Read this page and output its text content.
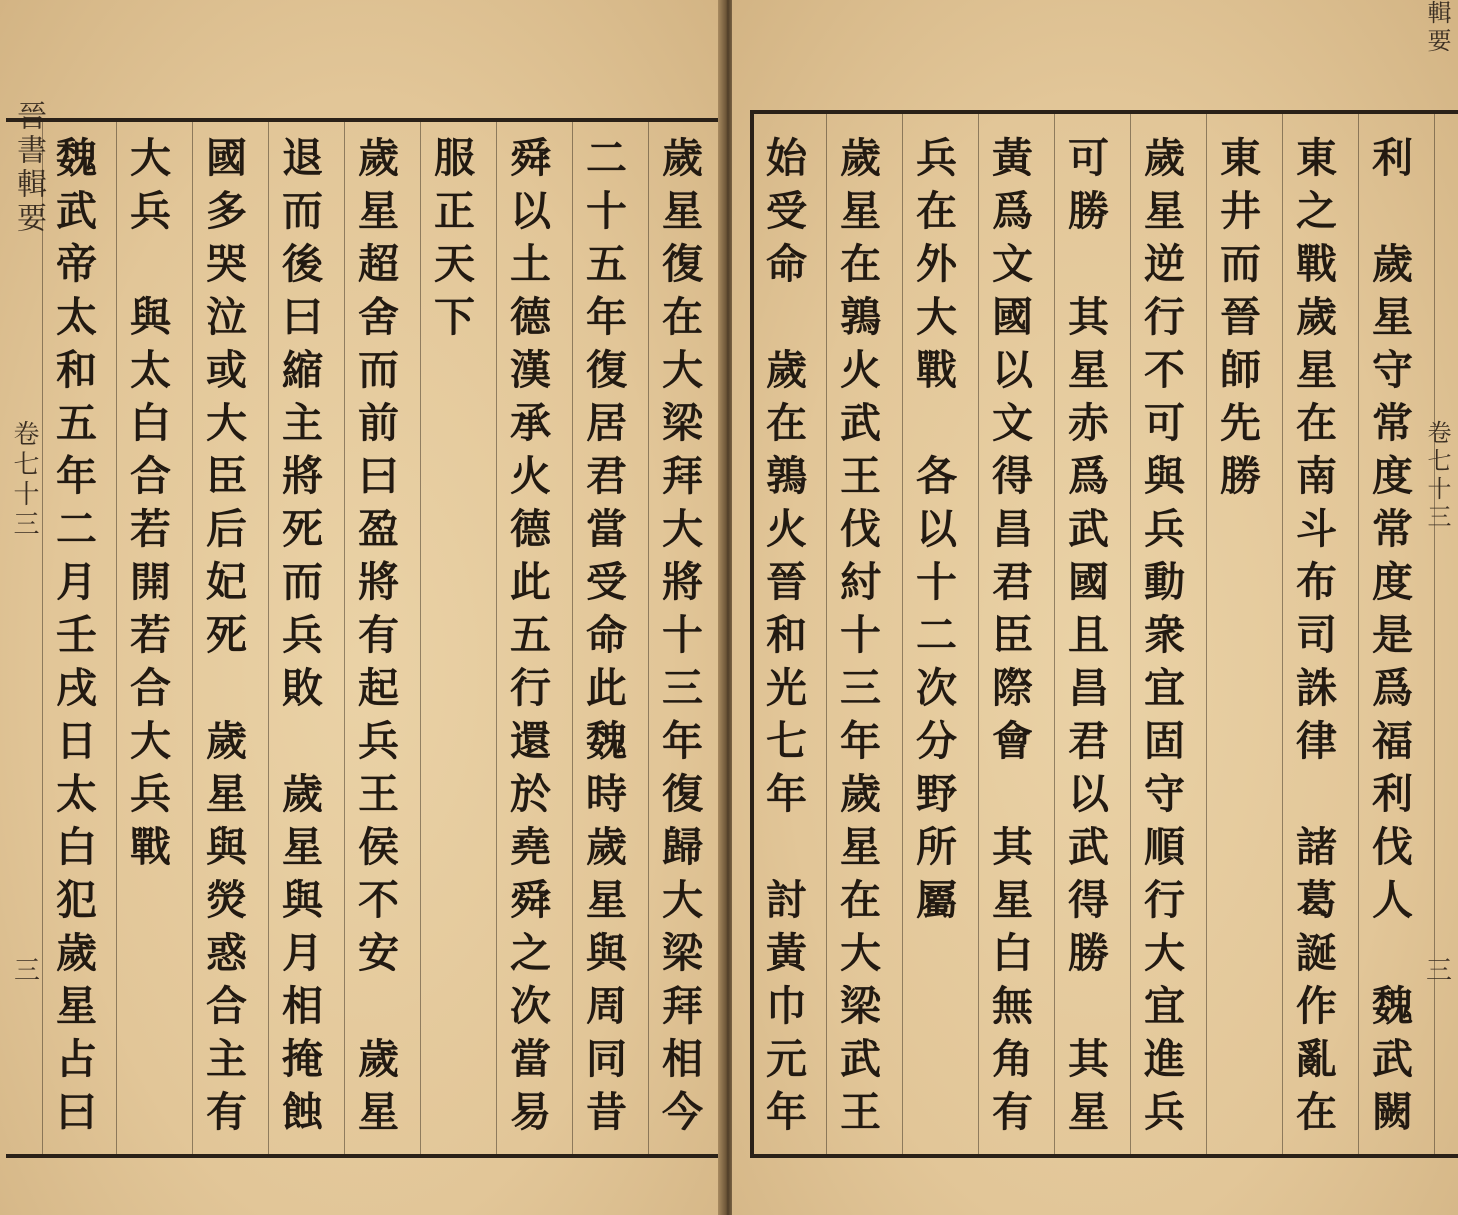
晉書輯要
卷七十三
三	歲星復在大梁拜大將十三年復歸大梁拜相今
二十五年復居君當受命此魏時歲星與周同昔
舜以土德漢承火德此五行還於堯舜之次當易
服正天下
歲星超舍而前曰盈將有起兵王侯不安　歲星
退而後曰縮主將死而兵敗　歲星與月相掩蝕
國多哭泣或大臣后妃死　歲星與熒惑合主有
大兵　與太白合若開若合大兵戰
魏武帝太和五年二月壬戌日太白犯歲星占曰	利　歲星守常度常度是爲福利伐人　魏武闕
東之戰歲星在南斗布司誅律　諸葛誕作亂在
東井而晉師先勝
歲星逆行不可與兵動衆宜固守順行大宜進兵
可勝　其星赤爲武國且昌君以武得勝　其星
黃爲文國以文得昌君臣際會　其星白無角有
兵在外大戰　各以十二次分野所屬
歲星在鶉火武王伐紂十三年歲星在大梁武王
始受命　歲在鶉火晉和光七年　討黃巾元年
輯要
卷七十三
三
